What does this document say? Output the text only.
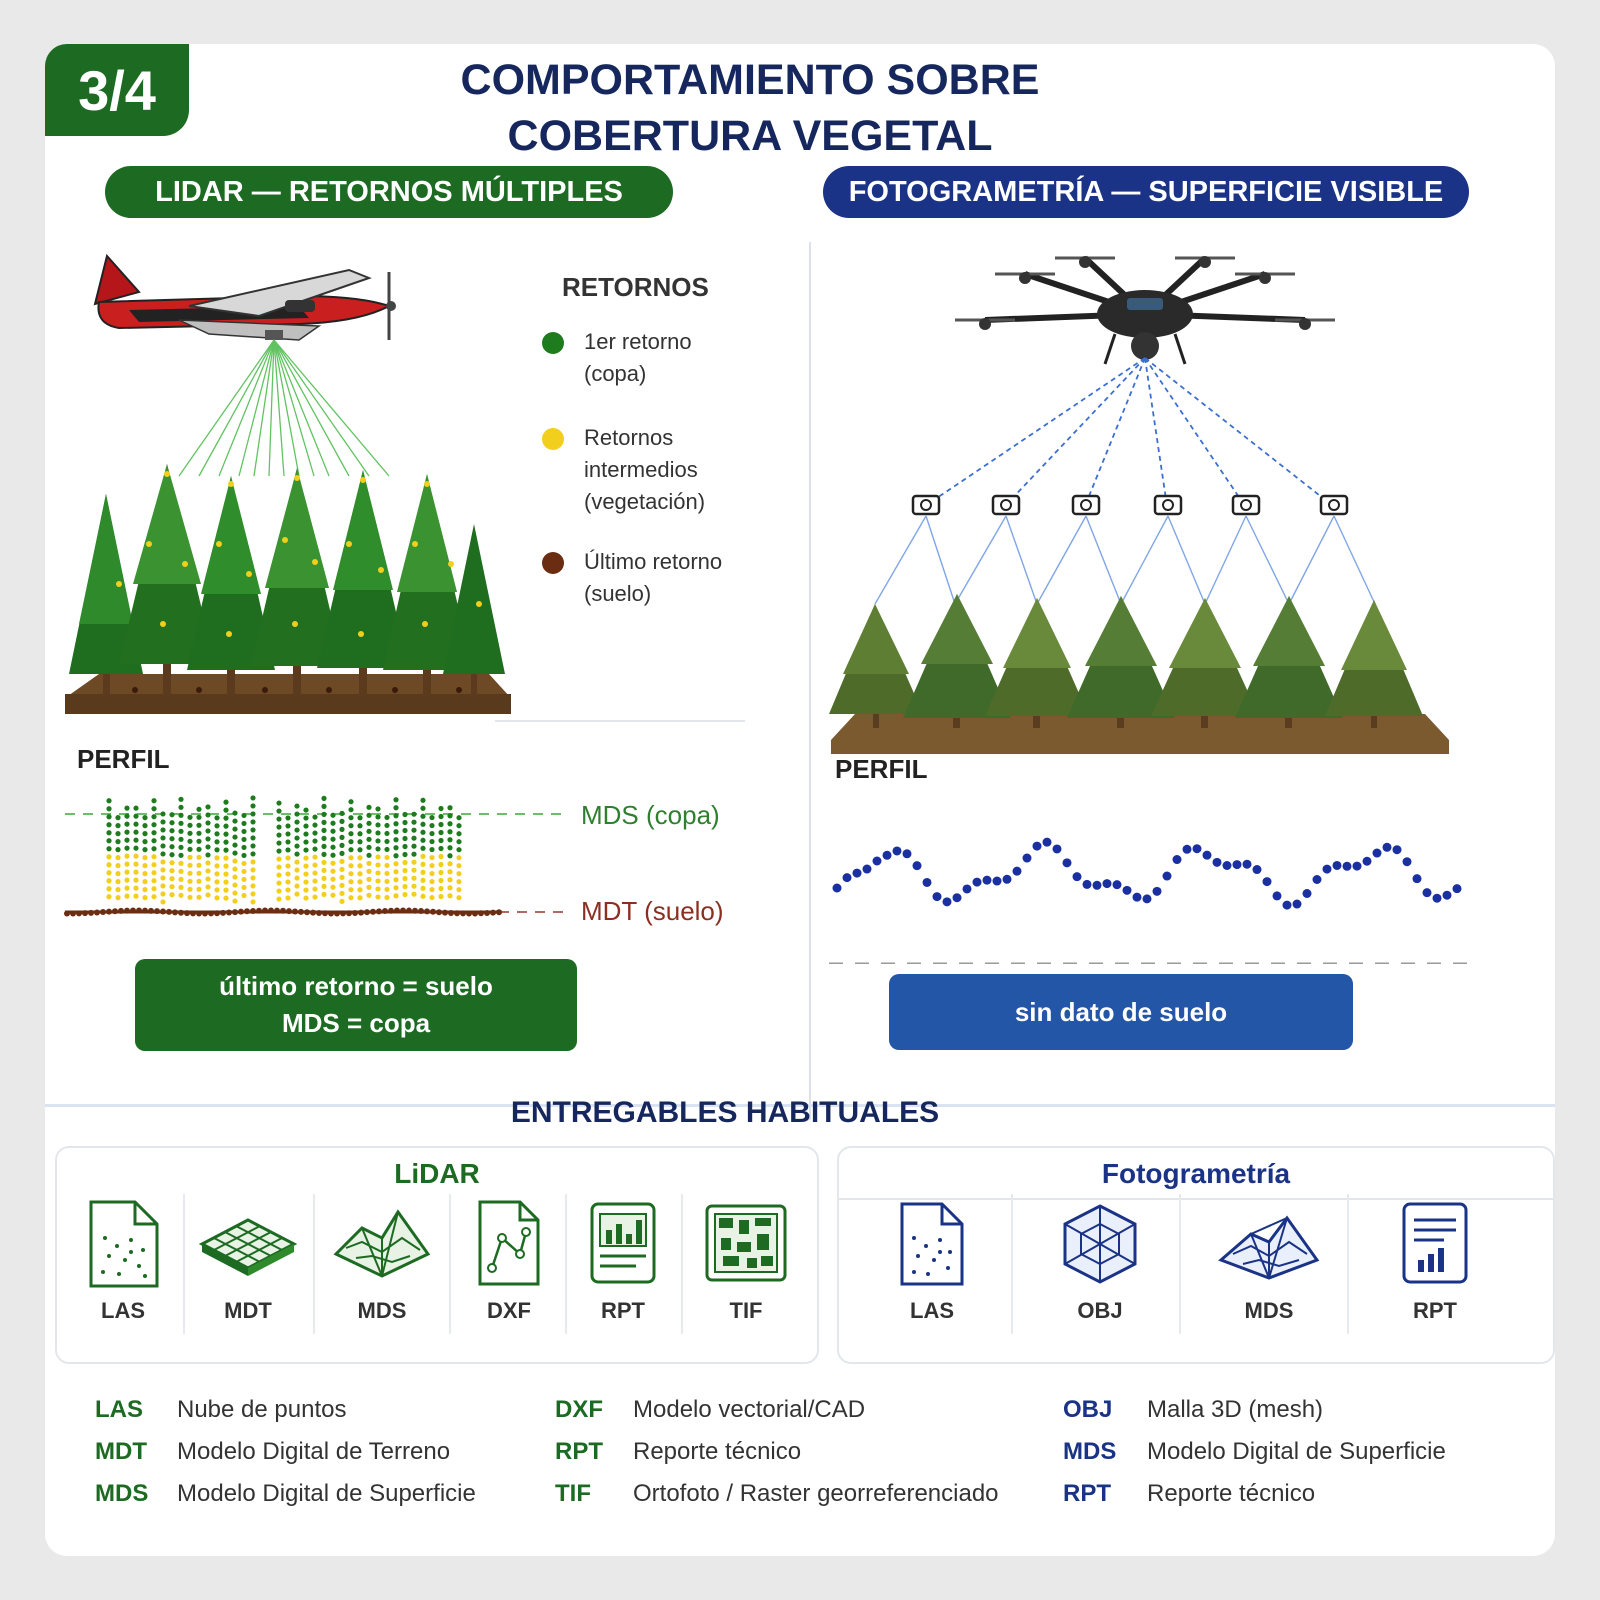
3/4	COMPORTAMIENTO SOBRE
COBERTURA VEGETAL
LIDAR — RETORNOS MÚLTIPLES	FOTOGRAMETRÍA — SUPERFICIE VISIBLE
RETORNOS
1er retorno
(copa)
Retornos
intermedios
(vegetación)
Último retorno
(suelo)
PERFIL
MDS (copa)
MDT (suelo)
último retorno = suelo
MDS = copa
PERFIL
sin dato de suelo
ENTREGABLES HABITUALES
LiDAR	Fotogrametría
LAS	MDT	MDS	DXF	RPT	TIF	LAS	OBJ	MDS	RPT
LAS Nube de puntos
MDT Modelo Digital de Terreno
MDS Modelo Digital de Superficie
DXF Modelo vectorial/CAD
RPT Reporte técnico
TIF Ortofoto / Raster georreferenciado
OBJ Malla 3D (mesh)
MDS Modelo Digital de Superficie
RPT Reporte técnico
